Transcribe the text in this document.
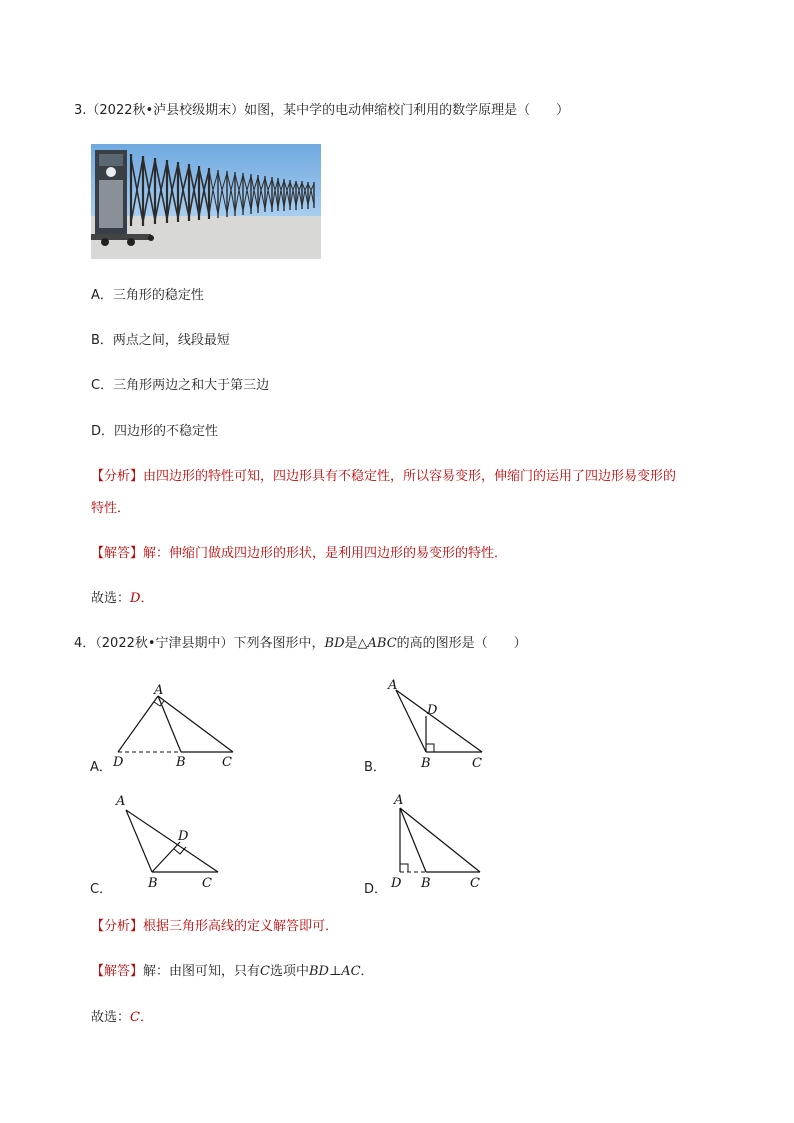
3.（2022秋•泸县校级期末）如图，某中学的电动伸缩校门利用的数学原理是（　　）
A．三角形的稳定性
B．两点之间，线段最短
C．三角形两边之和大于第三边
D．四边形的不稳定性
【分析】由四边形的特性可知，四边形具有不稳定性，所以容易变形，伸缩门的运用了四边形易变形的
特性．
【解答】解：伸缩门做成四边形的形状，是利用四边形的易变形的特性．
故选：D．
4．（2022秋•宁津县期中）下列各图形中，BD是△ABC的高的图形是（　　）
A．
A
D	B	C	B．
A
D
B	C
C．
A
D
B	C	D．
A
D B	C
【分析】根据三角形高线的定义解答即可．
【解答】解：由图可知，只有C选项中BD⊥AC．
故选：C．
